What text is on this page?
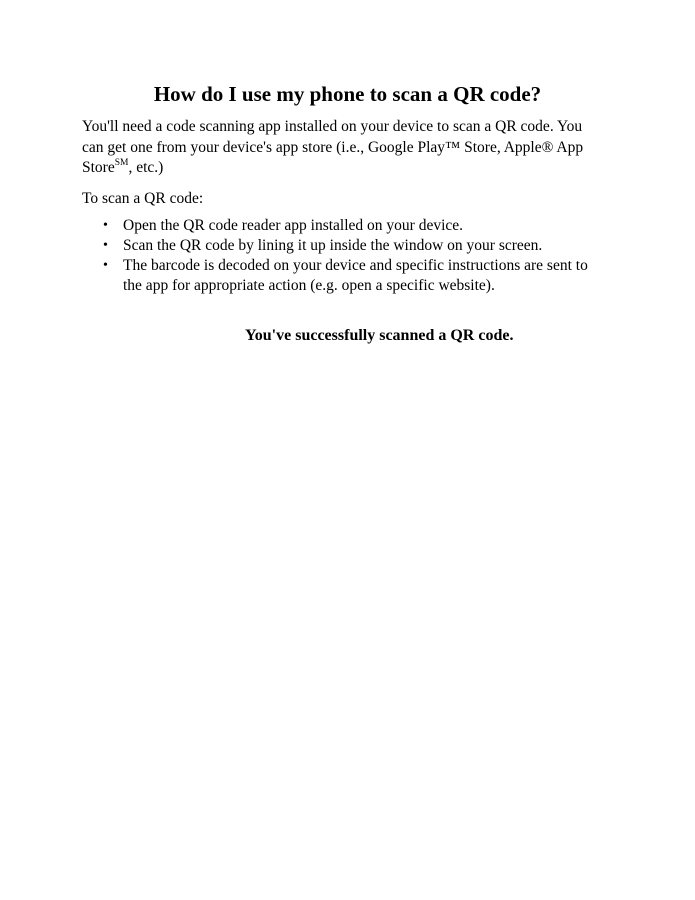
How do I use my phone to scan a QR code?

You'll need a code scanning app installed on your device to scan a QR code. You can get one from your device's app store (i.e., Google Play™ Store, Apple® App Store℠, etc.)

To scan a QR code:

• Open the QR code reader app installed on your device.
• Scan the QR code by lining it up inside the window on your screen.
• The barcode is decoded on your device and specific instructions are sent to the app for appropriate action (e.g. open a specific website).

You've successfully scanned a QR code.
